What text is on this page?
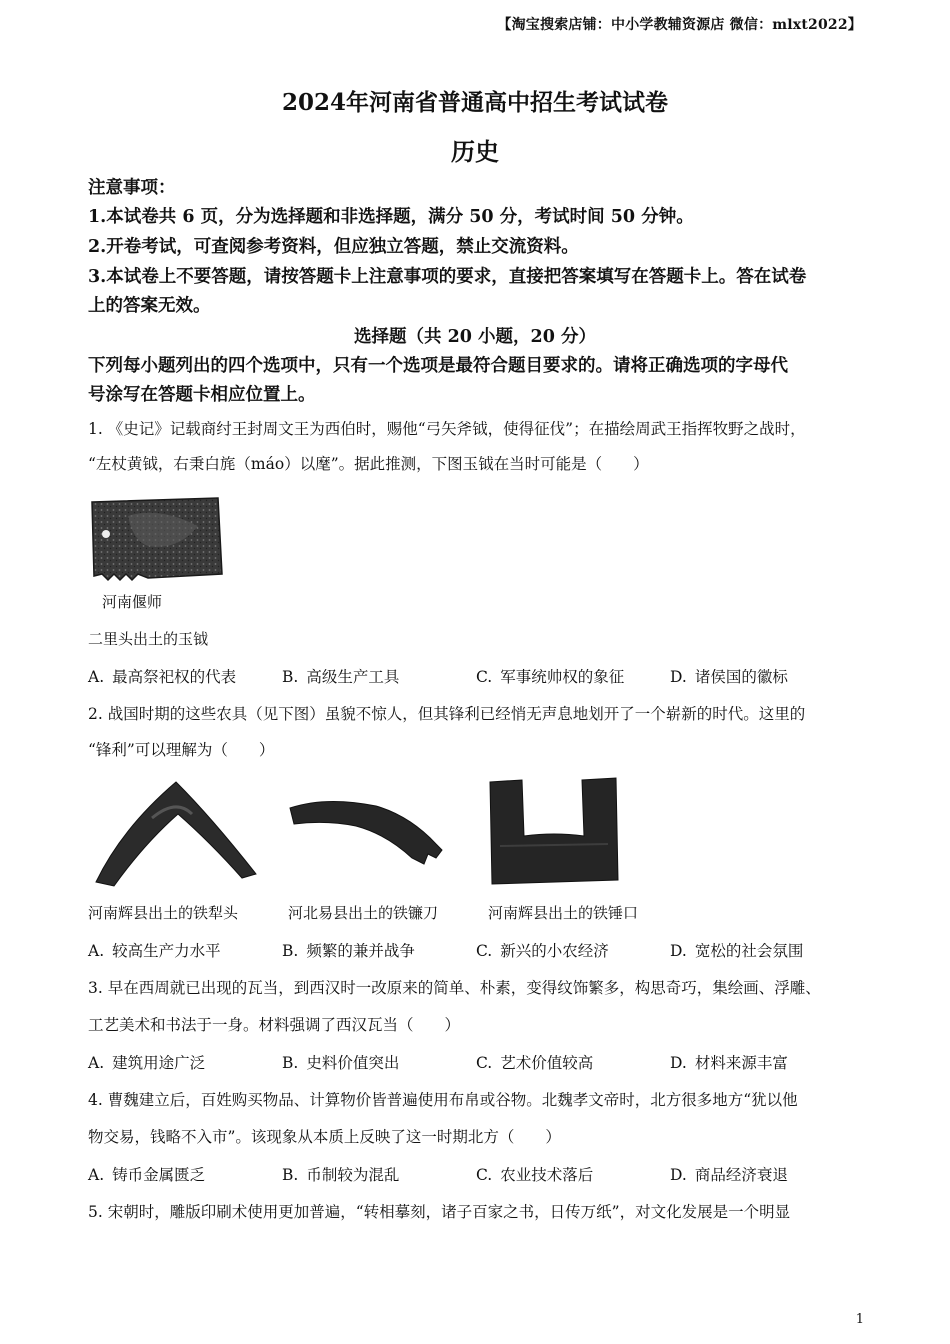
【淘宝搜索店铺：中小学教辅资源店 微信：mlxt2022】
2024年河南省普通高中招生考试试卷
历史
注意事项：
1.本试卷共 6 页，分为选择题和非选择题，满分 50 分，考试时间 50 分钟。
2.开卷考试，可查阅参考资料，但应独立答题，禁止交流资料。
3.本试卷上不要答题，请按答题卡上注意事项的要求，直接把答案填写在答题卡上。答在试卷
上的答案无效。
选择题（共 20 小题，20 分）
下列每小题列出的四个选项中，只有一个选项是最符合题目要求的。请将正确选项的字母代
号涂写在答题卡相应位置上。
1. 《史记》记载商纣王封周文王为西伯时，赐他“弓矢斧钺，使得征伐”；在描绘周武王指挥牧野之战时，
“左杖黄钺，右秉白旄（máo）以麾”。据此推测，下图玉钺在当时可能是（　　）
河南偃师
二里头出土的玉钺
A. 最高祭祀权的代表	B. 高级生产工具	C. 军事统帅权的象征	D. 诸侯国的徽标
2. 战国时期的这些农具（见下图）虽貌不惊人，但其锋利已经悄无声息地划开了一个崭新的时代。这里的
“锋利”可以理解为（　　）
河南辉县出土的铁犁头	河北易县出土的铁镰刀	河南辉县出土的铁锤口
A. 较高生产力水平	B. 频繁的兼并战争	C. 新兴的小农经济	D. 宽松的社会氛围
3. 早在西周就已出现的瓦当，到西汉时一改原来的简单、朴素，变得纹饰繁多，构思奇巧，集绘画、浮雕、
工艺美术和书法于一身。材料强调了西汉瓦当（　　）
A. 建筑用途广泛	B. 史料价值突出	C. 艺术价值较高	D. 材料来源丰富
4. 曹魏建立后，百姓购买物品、计算物价皆普遍使用布帛或谷物。北魏孝文帝时，北方很多地方“犹以他
物交易，钱略不入市”。该现象从本质上反映了这一时期北方（　　）
A. 铸币金属匮乏	B. 币制较为混乱	C. 农业技术落后	D. 商品经济衰退
5. 宋朝时，雕版印刷术使用更加普遍，“转相摹刻，诸子百家之书，日传万纸”，对文化发展是一个明显
1
